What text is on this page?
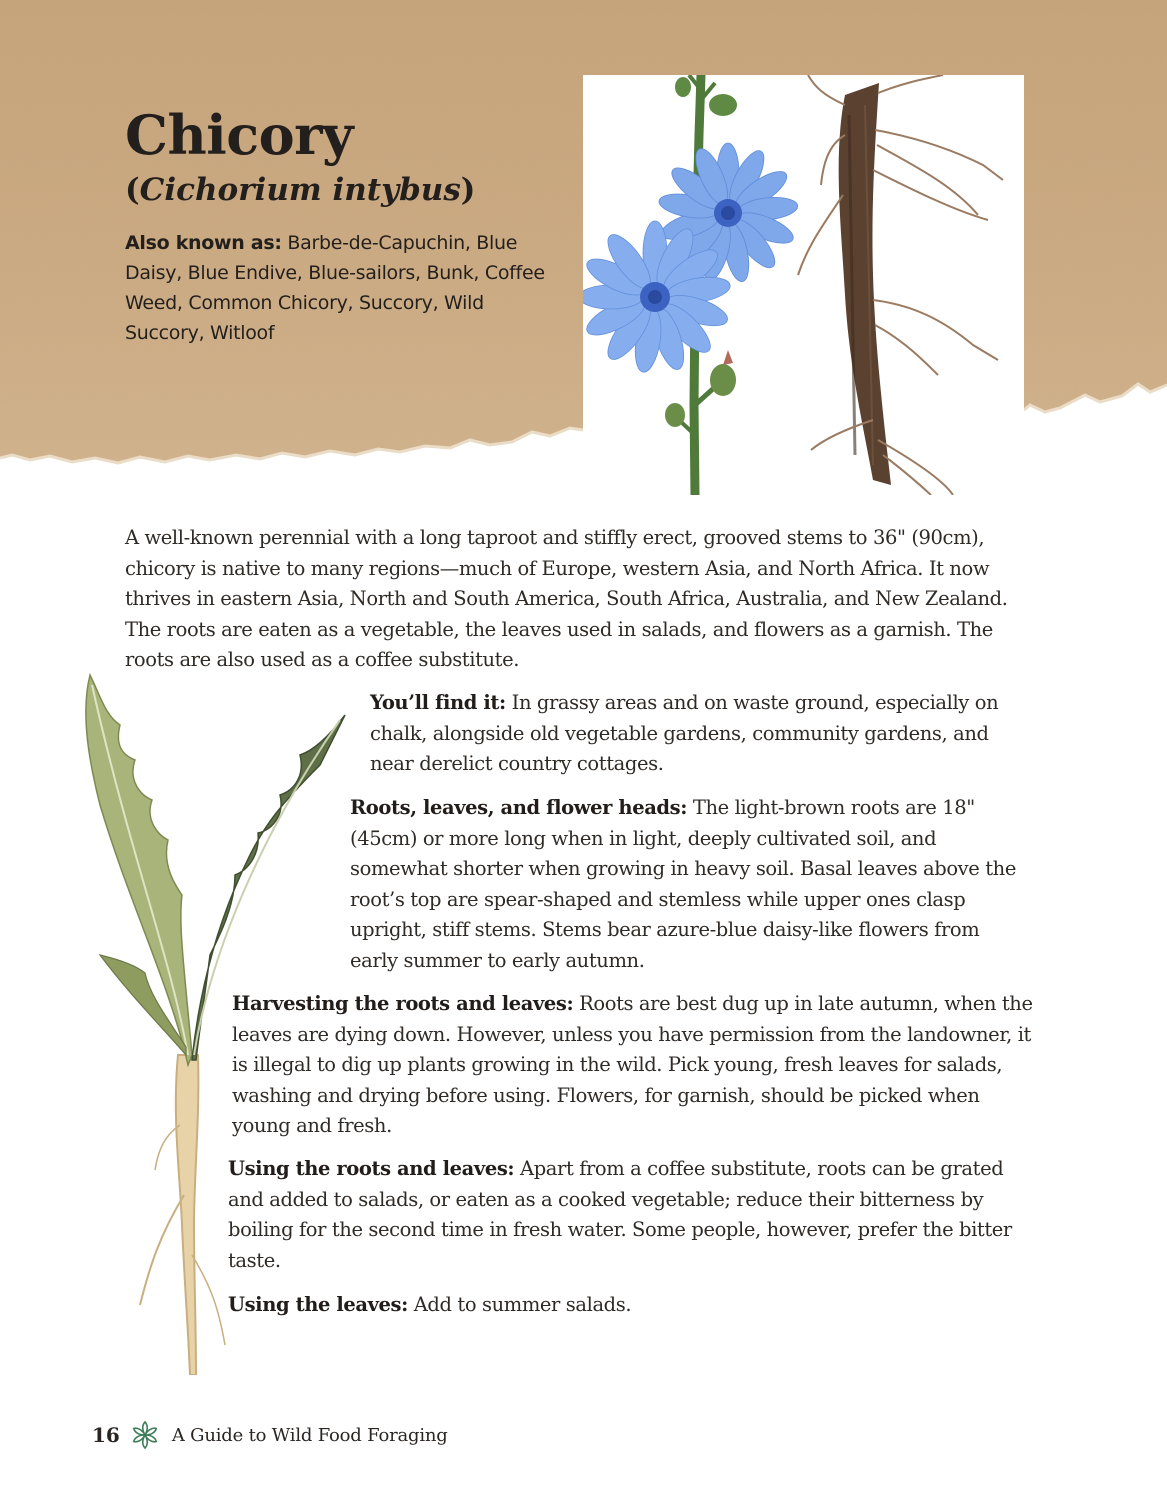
Chicory
(Cichorium intybus)

Also known as: Barbe-de-Capuchin, Blue Daisy, Blue Endive, Blue-sailors, Bunk, Coffee Weed, Common Chicory, Succory, Wild Succory, Witloof

A well-known perennial with a long taproot and stiffly erect, grooved stems to 36" (90cm), chicory is native to many regions—much of Europe, western Asia, and North Africa. It now thrives in eastern Asia, North and South America, South Africa, Australia, and New Zealand. The roots are eaten as a vegetable, the leaves used in salads, and flowers as a garnish. The roots are also used as a coffee substitute.

You’ll find it: In grassy areas and on waste ground, especially on chalk, alongside old vegetable gardens, community gardens, and near derelict country cottages.

Roots, leaves, and flower heads: The light-brown roots are 18" (45cm) or more long when in light, deeply cultivated soil, and somewhat shorter when growing in heavy soil. Basal leaves above the root’s top are spear-shaped and stemless while upper ones clasp upright, stiff stems. Stems bear azure-blue daisy-like flowers from early summer to early autumn.

Harvesting the roots and leaves: Roots are best dug up in late autumn, when the leaves are dying down. However, unless you have permission from the landowner, it is illegal to dig up plants growing in the wild. Pick young, fresh leaves for salads, washing and drying before using. Flowers, for garnish, should be picked when young and fresh.

Using the roots and leaves: Apart from a coffee substitute, roots can be grated and added to salads, or eaten as a cooked vegetable; reduce their bitterness by boiling for the second time in fresh water. Some people, however, prefer the bitter taste.

Using the leaves: Add to summer salads.

16	A Guide to Wild Food Foraging
